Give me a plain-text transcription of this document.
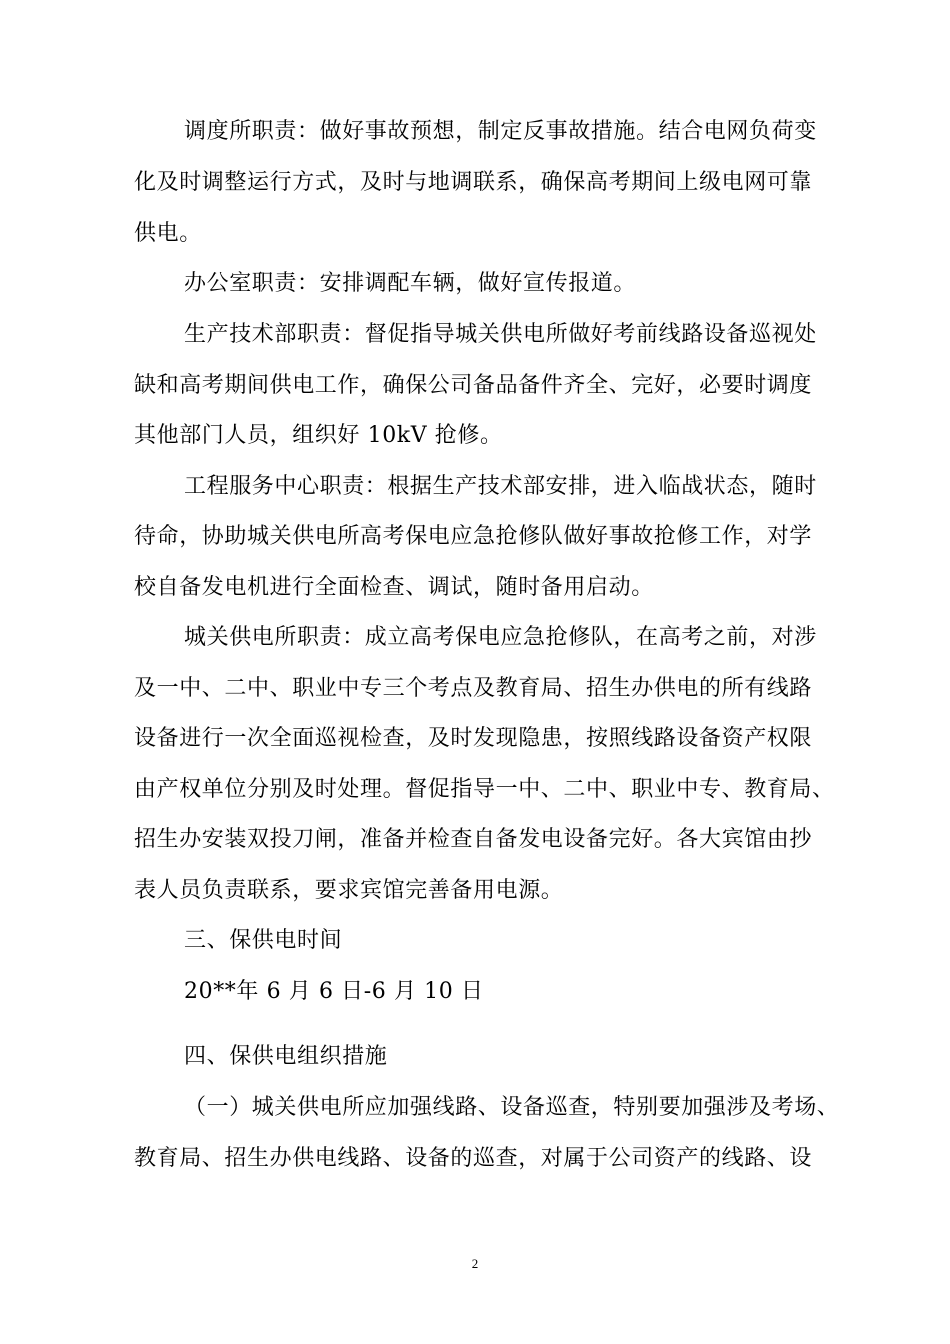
调度所职责：做好事故预想，制定反事故措施。结合电网负荷变
化及时调整运行方式，及时与地调联系，确保高考期间上级电网可靠
供电。
办公室职责：安排调配车辆，做好宣传报道。
生产技术部职责：督促指导城关供电所做好考前线路设备巡视处
缺和高考期间供电工作，确保公司备品备件齐全、完好，必要时调度
其他部门人员，组织好 10kV 抢修。
工程服务中心职责：根据生产技术部安排，进入临战状态，随时
待命，协助城关供电所高考保电应急抢修队做好事故抢修工作，对学
校自备发电机进行全面检查、调试，随时备用启动。
城关供电所职责：成立高考保电应急抢修队，在高考之前，对涉
及一中、二中、职业中专三个考点及教育局、招生办供电的所有线路
设备进行一次全面巡视检查，及时发现隐患，按照线路设备资产权限
由产权单位分别及时处理。督促指导一中、二中、职业中专、教育局、
招生办安装双投刀闸，准备并检查自备发电设备完好。各大宾馆由抄
表人员负责联系，要求宾馆完善备用电源。
三、保供电时间
20**年 6 月 6 日-6 月 10 日
四、保供电组织措施
（一）城关供电所应加强线路、设备巡查，特别要加强涉及考场、
教育局、招生办供电线路、设备的巡查，对属于公司资产的线路、设
2
